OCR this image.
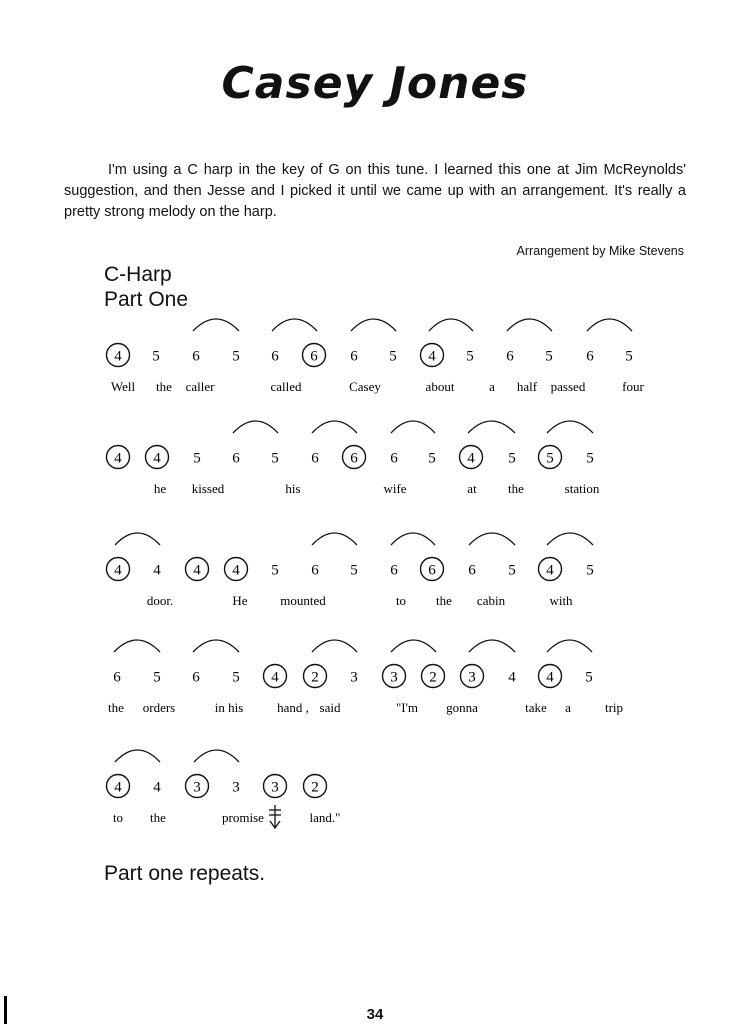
Casey Jones

I'm using a C harp in the key of G on this tune. I learned this one at Jim McReynolds' suggestion, and then Jesse and I picked it until we came up with an arrangement. It's really a pretty strong melody on the harp.

Arrangement by Mike Stevens
C-Harp
Part One
4 5 6 5 6 6 6 5 4 5 6 5 6 5
Well the caller	called	Casey	about	a half passed	four
4 4 5 6 5 6 6 6 5 4 5 5 5
he kissed	his	wife	at the	station
4 4 4 4 5 6 5 6 6 6 5 4 5
door.	He	mounted	to the cabin	with
6 5 6 5 4 2 3 3 2 3 4 4 5
the orders	in his	hand , said	"I'm gonna	take a	trip
4 4 3 3 3 2
to the	promise	land."
Part one repeats.
34
